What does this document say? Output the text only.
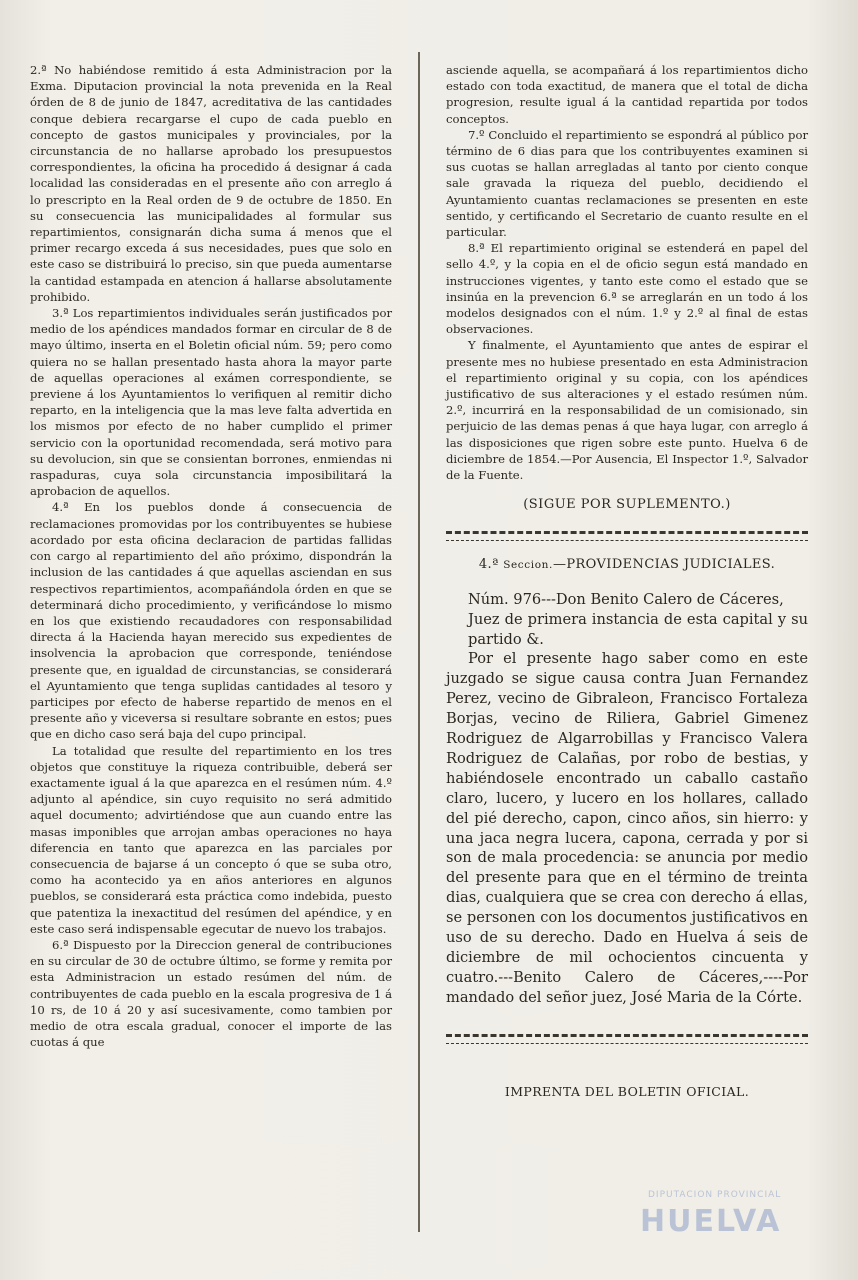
2.ª No habiéndose remitido á esta Administracion por la Exma. Diputacion provincial la nota prevenida en la Real órden de 8 de junio de 1847, acreditativa de las cantidades conque debiera recargarse el cupo de cada pueblo en concepto de gastos municipales y provinciales, por la circunstancia de no hallarse aprobado los presupuestos correspondientes, la oficina ha procedido á designar á cada localidad las consideradas en el presente año con arreglo á lo prescripto en la Real orden de 9 de octubre de 1850. En su consecuencia las municipalidades al formular sus repartimientos, consignarán dicha suma á menos que el primer recargo exceda á sus necesidades, pues que solo en este caso se distribuirá lo preciso, sin que pueda aumentarse la cantidad estampada en atencion á hallarse absolutamente prohibido.

3.ª Los repartimientos individuales serán justificados por medio de los apéndices mandados formar en circular de 8 de mayo último, inserta en el Boletin oficial núm. 59; pero como quiera no se hallan presentado hasta ahora la mayor parte de aquellas operaciones al exámen correspondiente, se previene á los Ayuntamientos lo verifiquen al remitir dicho reparto, en la inteligencia que la mas leve falta advertida en los mismos por efecto de no haber cumplido el primer servicio con la oportunidad recomendada, será motivo para su devolucion, sin que se consientan borrones, enmiendas ni raspaduras, cuya sola circunstancia imposibilitará la aprobacion de aquellos.

4.ª En los pueblos donde á consecuencia de reclamaciones promovidas por los contribuyentes se hubiese acordado por esta oficina declaracion de partidas fallidas con cargo al repartimiento del año próximo, dispondrán la inclusion de las cantidades á que aquellas asciendan en sus respectivos repartimientos, acompañándola órden en que se determinará dicho procedimiento, y verificándose lo mismo en los que existiendo recaudadores con responsabilidad directa á la Hacienda hayan merecido sus expedientes de insolvencia la aprobacion que corresponde, teniéndose presente que, en igualdad de circunstancias, se considerará el Ayuntamiento que tenga suplidas cantidades al tesoro y participes por efecto de haberse repartido de menos en el presente año y viceversa si resultare sobrante en estos; pues que en dicho caso será baja del cupo principal.

La totalidad que resulte del repartimiento en los tres objetos que constituye la riqueza contribuible, deberá ser exactamente igual á la que aparezca en el resúmen núm. 4.º adjunto al apéndice, sin cuyo requisito no será admitido aquel documento; advirtiéndose que aun cuando entre las masas imponibles que arrojan ambas operaciones no haya diferencia en tanto que aparezca en las parciales por consecuencia de bajarse á un concepto ó que se suba otro, como ha acontecido ya en años anteriores en algunos pueblos, se considerará esta práctica como indebida, puesto que patentiza la inexactitud del resúmen del apéndice, y en este caso será indispensable egecutar de nuevo los trabajos.

6.ª Dispuesto por la Direccion general de contribuciones en su circular de 30 de octubre último, se forme y remita por esta Administracion un estado resúmen del núm. de contribuyentes de cada pueblo en la escala progresiva de 1 á 10 rs, de 10 á 20 y así sucesivamente, como tambien por medio de otra escala gradual, conocer el importe de las cuotas á que

asciende aquella, se acompañará á los repartimientos dicho estado con toda exactitud, de manera que el total de dicha progresion, resulte igual á la cantidad repartida por todos conceptos.

7.º Concluido el repartimiento se espondrá al público por término de 6 dias para que los contribuyentes examinen si sus cuotas se hallan arregladas al tanto por ciento conque sale gravada la riqueza del pueblo, decidiendo el Ayuntamiento cuantas reclamaciones se presenten en este sentido, y certificando el Secretario de cuanto resulte en el particular.

8.ª El repartimiento original se estenderá en papel del sello 4.º, y la copia en el de oficio segun está mandado en instrucciones vigentes, y tanto este como el estado que se insinúa en la prevencion 6.ª se arreglarán en un todo á los modelos designados con el núm. 1.º y 2.º al final de estas observaciones.

Y finalmente, el Ayuntamiento que antes de espirar el presente mes no hubiese presentado en esta Administracion el repartimiento original y su copia, con los apéndices justificativo de sus alteraciones y el estado resúmen núm. 2.º, incurrirá en la responsabilidad de un comisionado, sin perjuicio de las demas penas á que haya lugar, con arreglo á las disposiciones que rigen sobre este punto. Huelva 6 de diciembre de 1854.—Por Ausencia, El Inspector 1.º, Salvador de la Fuente.

(SIGUE POR SUPLEMENTO.)

4.ª Seccion.—PROVIDENCIAS JUDICIALES.

Núm. 976---Don Benito Calero de Cáceres,

Juez de primera instancia de esta capital y su partido &.

Por el presente hago saber como en este juzgado se sigue causa contra Juan Fernandez Perez, vecino de Gibraleon, Francisco Fortaleza Borjas, vecino de Riliera, Gabriel Gimenez Rodriguez de Algarrobillas y Francisco Valera Rodriguez de Calañas, por robo de bestias, y habiéndosele encontrado un caballo castaño claro, lucero, y lucero en los hollares, callado del pié derecho, capon, cinco años, sin hierro: y una jaca negra lucera, capona, cerrada y por si son de mala procedencia: se anuncia por medio del presente para que en el término de treinta dias, cualquiera que se crea con derecho á ellas, se personen con los documentos justificativos en uso de su derecho. Dado en Huelva á seis de diciembre de mil ochocientos cincuenta y cuatro.---Benito Calero de Cáceres,----Por mandado del señor juez, José Maria de la Córte.

IMPRENTA DEL BOLETIN OFICIAL.

DIPUTACION PROVINCIAL
HUELVA
